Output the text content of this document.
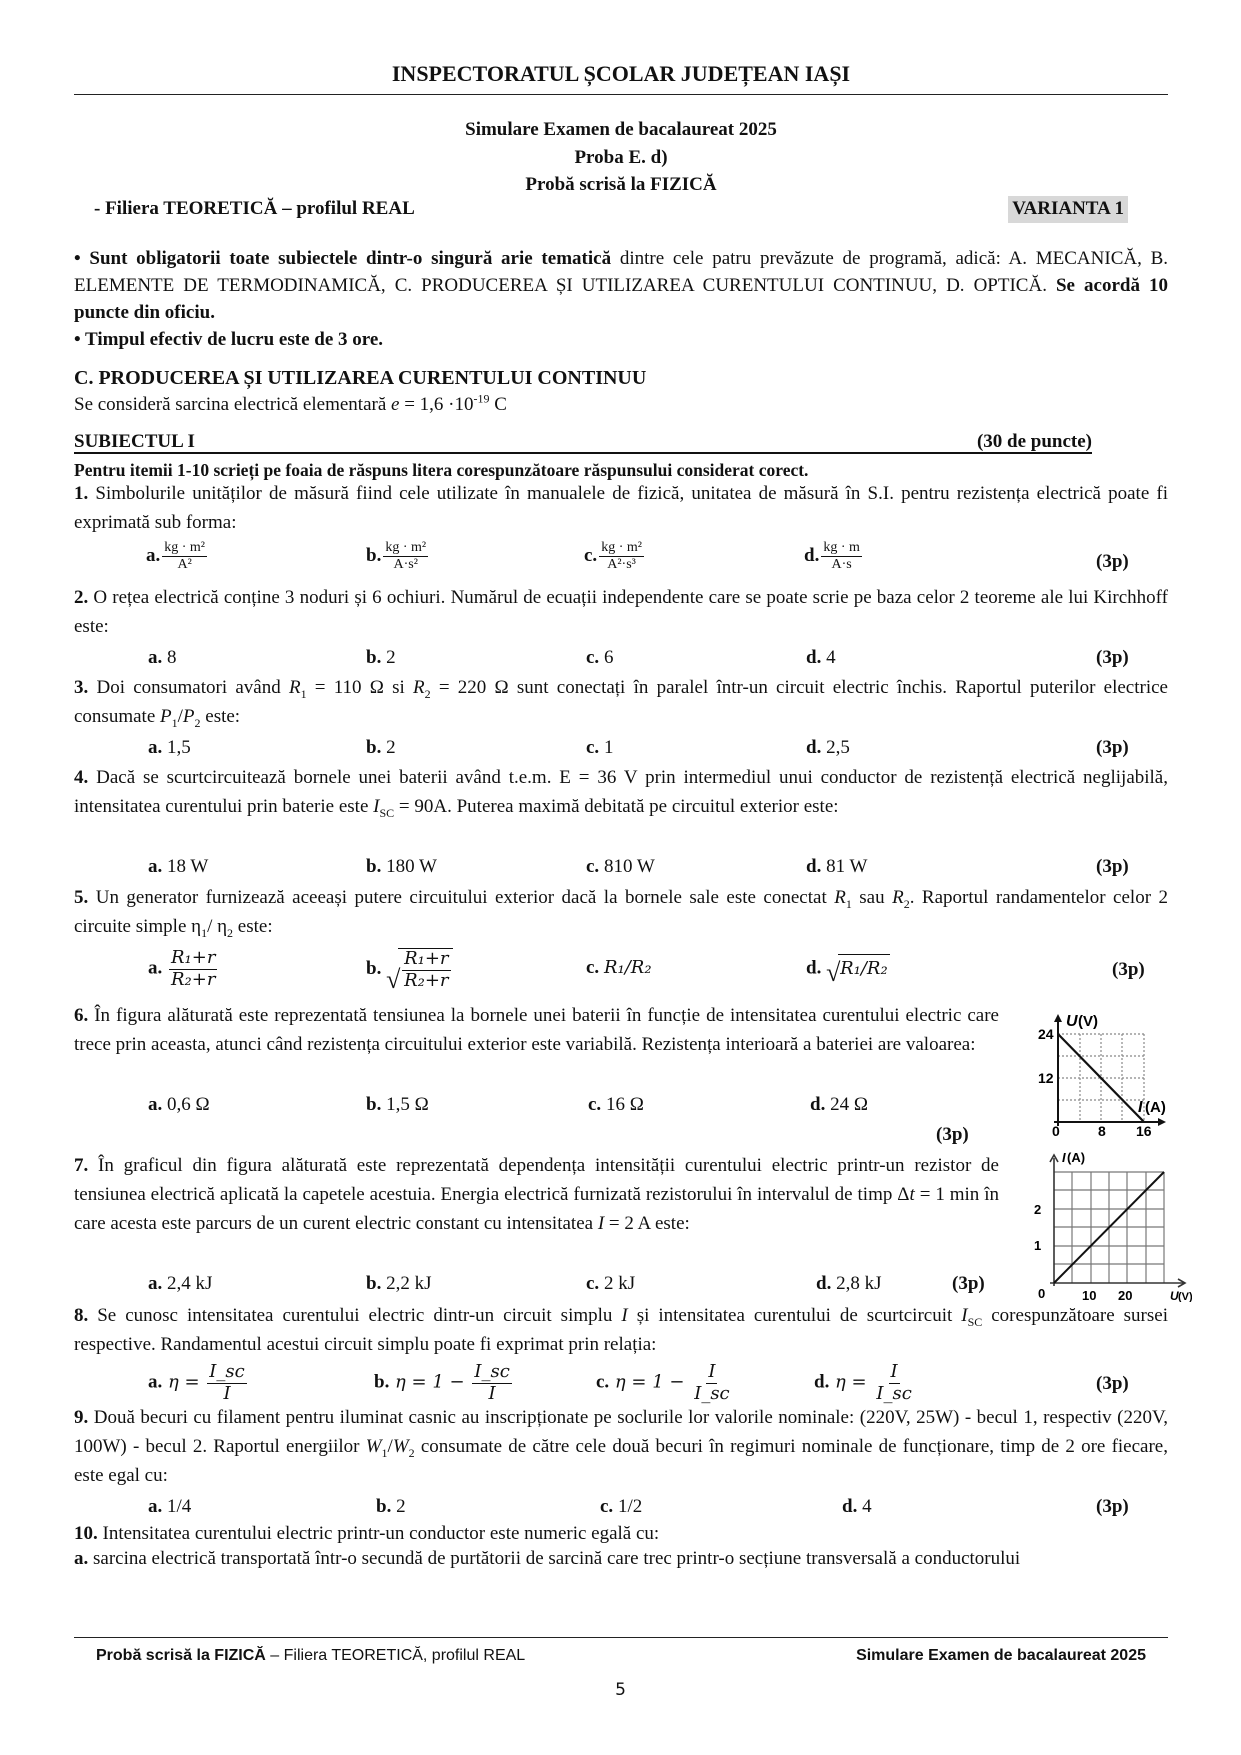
INSPECTORATUL ȘCOLAR JUDEȚEAN IAȘI
Simulare Examen de bacalaureat 2025
Proba E. d)
Probă scrisă la FIZICĂ
- Filiera TEORETICĂ – profilul REAL	VARIANTA 1
• Sunt obligatorii toate subiectele dintr-o singură arie tematică dintre cele patru prevăzute de programă, adică: A. MECANICĂ, B. ELEMENTE DE TERMODINAMICĂ, C. PRODUCEREA ȘI UTILIZAREA CURENTULUI CONTINUU, D. OPTICĂ. Se acordă 10 puncte din oficiu.
• Timpul efectiv de lucru este de 3 ore.
C. PRODUCEREA ȘI UTILIZAREA CURENTULUI CONTINUU
Se consideră sarcina electrică elementară $e = 1,6 \cdot 10^{-19}$ C
SUBIECTUL I	(30 de puncte)
Pentru itemii 1-10 scrieți pe foaia de răspuns litera corespunzătoare răspunsului considerat corect.
1. Simbolurile unităților de măsură fiind cele utilizate în manualele de fizică, unitatea de măsură în S.I. pentru rezistența electrică poate fi exprimată sub forma:
a. $\frac{\text{kg · m²}}{\text{A²}}$	b. $\frac{\text{kg · m²}}{\text{A·s²}}$	c. $\frac{\text{kg · m²}}{\text{A²·s³}}$	d. $\frac{kg \cdot m}{A\cdot s}$	(3p)
2. O rețea electrică conține 3 noduri și 6 ochiuri. Numărul de ecuații independente care se poate scrie pe baza celor 2 teoreme ale lui Kirchhoff este:
a. 8	b. 2	c. 6	d. 4	(3p)
3. Doi consumatori având $R_1 = 110$ Ω si $R_2 = 220$ Ω sunt conectați în paralel într-un circuit electric închis. Raportul puterilor electrice consumate $P_1/P_2$ este:
a. 1,5	b. 2	c. 1	d. 2,5	(3p)
4. Dacă se scurtcircuitează bornele unei baterii având t.e.m. E = 36 V prin intermediul unui conductor de rezistență electrică neglijabilă, intensitatea curentului prin baterie este $I_{SC} = 90A$. Puterea maximă debitată pe circuitul exterior este:
a. 18 W	b. 180 W	c. 810 W	d. 81 W	(3p)
5. Un generator furnizează aceeași putere circuitului exterior dacă la bornele sale este conectat $R_1$ sau $R_2$. Raportul randamentelor celor 2 circuite simple $\eta_1/$ $\eta_2$ este:
a. $\frac{\text{R₁+r}}{\text{R₂+r}}$	b. √ $\frac{\text{R₁+r}}{\text{R₂+r}}$	c. R₁/R₂	d. √ R₁/R₂	(3p)
6. În figura alăturată este reprezentată tensiunea la bornele unei baterii în funcție de intensitatea curentului electric care trece prin aceasta, atunci când rezistența circuitului exterior este variabilă. Rezistența interioară a bateriei are valoarea:
a. 0,6 Ω	b. 1,5 Ω	c. 16 Ω	d. 24 Ω
(3p)
U (V)
24
12
I (A)
0	8 16
7. În graficul din figura alăturată este reprezentată dependența intensității curentului electric printr-un rezistor de tensiunea electrică aplicată la capetele acestuia. Energia electrică furnizată rezistorului în intervalul de timp Δt = 1 min în care acesta este parcurs de un curent electric constant cu intensitatea I = 2 A este:
a. 2,4 kJ	b. 2,2 kJ	c. 2 kJ	d. 2,8 kJ	(3p)
I (A)
2
1
0	10 20	U (V)
8. Se cunosc intensitatea curentului electric dintr-un circuit simplu I și intensitatea curentului de scurtcircuit $I_{SC}$ corespunzătoare sursei respective. Randamentul acestui circuit simplu poate fi exprimat prin relația:
a. $\eta = \frac{I\_sc}{I}$	b. $\eta = 1 - \frac{I\_sc}{I}$	c. $\eta = 1 - \frac{I}{I\_sc}$	d. $\eta = \frac{I}{I\_sc}$	(3p)
9. Două becuri cu filament pentru iluminat casnic au inscripționate pe soclurile lor valorile nominale: (220V, 25W) - becul 1, respectiv (220V, 100W) - becul 2. Raportul energiilor $W_1/W_2$ consumate de către cele două becuri în regimuri nominale de funcționare, timp de 2 ore fiecare, este egal cu:
a. 1/4	b. 2	c. 1/2	d. 4	(3p)
10. Intensitatea curentului electric printr-un conductor este numeric egală cu:
a. sarcina electrică transportată într-o secundă de purtătorii de sarcină care trec printr-o secțiune transversală a conductorului
Probă scrisă la FIZICĂ – Filiera TEORETICĂ, profilul REAL	Simulare Examen de bacalaureat 2025
5
